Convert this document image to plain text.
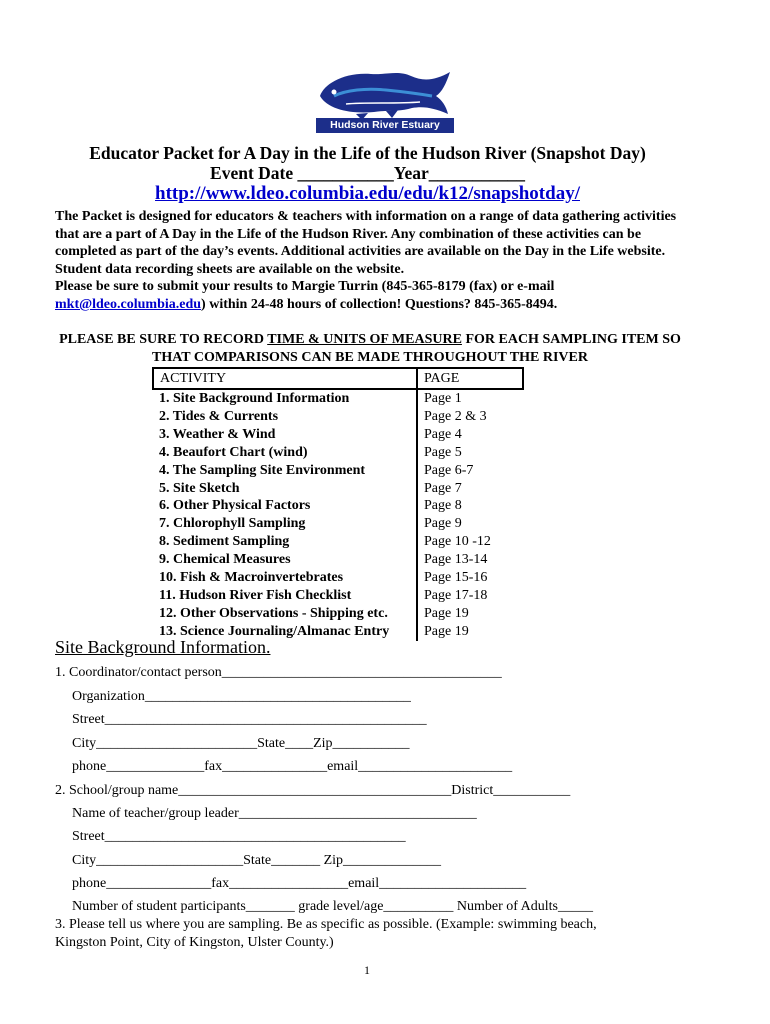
Hudson River Estuary
Educator Packet for A Day in the Life of the Hudson River (Snapshot Day)
Event Date ___________Year___________
http://www.ldeo.columbia.edu/edu/k12/snapshotday/
The Packet is designed for educators & teachers with information on a range of data gathering activities that are a part of A Day in the Life of the Hudson River. Any combination of these activities can be completed as part of the day’s events. Additional activities are available on the Day in the Life website. Student data recording sheets are available on the website.
Please be sure to submit your results to Margie Turrin (845-365-8179 (fax) or e-mail
mkt@ldeo.columbia.edu) within 24-48 hours of collection! Questions? 845-365-8494.
PLEASE BE SURE TO RECORD TIME & UNITS OF MEASURE FOR EACH SAMPLING ITEM SO THAT COMPARISONS CAN BE MADE THROUGHOUT THE RIVER
ACTIVITY	PAGE
1. Site Background Information	Page 1
2. Tides & Currents	Page 2 & 3
3. Weather & Wind	Page 4
4. Beaufort Chart (wind)	Page 5
4. The Sampling Site Environment	Page 6-7
5. Site Sketch	Page 7
6. Other Physical Factors	Page 8
7. Chlorophyll Sampling	Page 9
8. Sediment Sampling	Page 10 -12
9. Chemical Measures	Page 13-14
10. Fish & Macroinvertebrates	Page 15-16
11. Hudson River Fish Checklist	Page 17-18
12. Other Observations - Shipping etc.	Page 19
13. Science Journaling/Almanac Entry	Page 19
Site Background Information.
1. Coordinator/contact person________________________________________
Organization______________________________________
Street______________________________________________
City_______________________State____Zip___________
phone______________fax_______________email______________________
2. School/group name_______________________________________District___________
Name of teacher/group leader__________________________________
Street___________________________________________
City_____________________State_______ Zip______________
phone_______________fax_________________email_____________________
Number of student participants_______ grade level/age__________ Number of Adults_____
3. Please tell us where you are sampling. Be as specific as possible. (Example: swimming beach,
Kingston Point, City of Kingston, Ulster County.)
1
